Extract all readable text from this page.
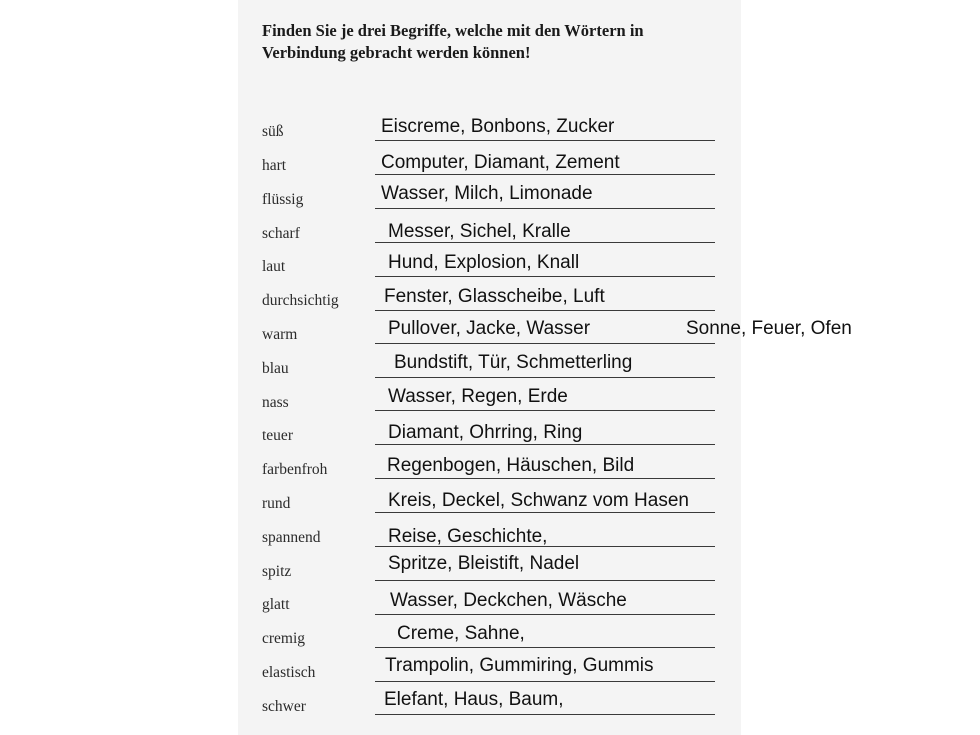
Finden Sie je drei Begriffe, welche mit den Wörtern in Verbindung gebracht werden können!

süß	Eiscreme, Bonbons, Zucker
hart	Computer, Diamant, Zement
flüssig	Wasser, Milch, Limonade
scharf	Messer, Sichel, Kralle
laut	Hund, Explosion, Knall
durchsichtig Fenster, Glasscheibe, Luft
warm	Pullover, Jacke, Wasser	Sonne, Feuer, Ofen
blau	Bundstift, Tür, Schmetterling
nass	Wasser, Regen, Erde
teuer	Diamant, Ohrring, Ring
farbenfroh	Regenbogen, Häuschen, Bild
rund	Kreis, Deckel, Schwanz vom Hasen
spannend	Reise, Geschichte,
spitz	Spritze, Bleistift, Nadel
glatt	Wasser, Deckchen, Wäsche
cremig	Creme, Sahne,
elastisch	Trampolin, Gummiring, Gummis
schwer	Elefant, Haus, Baum,
